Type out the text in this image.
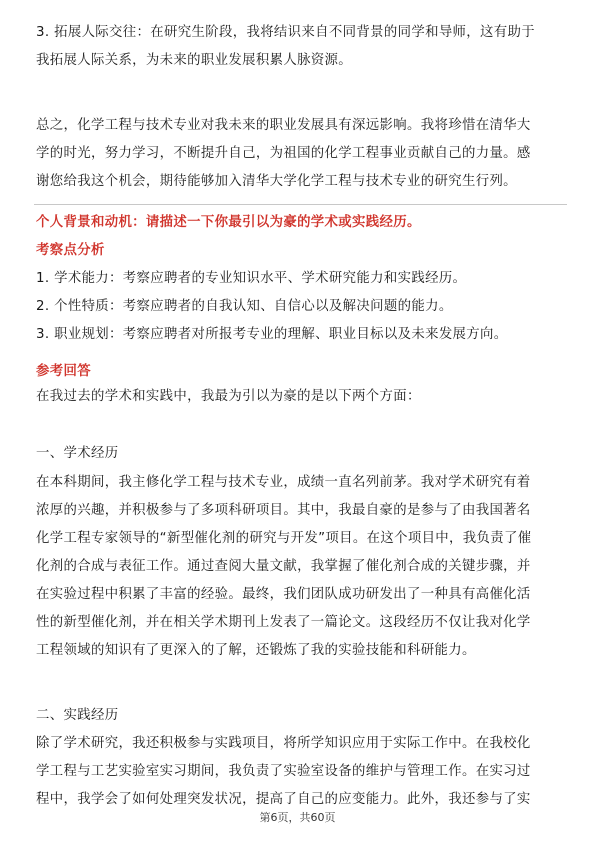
3. 拓展人际交往：在研究生阶段，我将结识来自不同背景的同学和导师，这有助于
我拓展人际关系，为未来的职业发展积累人脉资源。
总之，化学工程与技术专业对我未来的职业发展具有深远影响。我将珍惜在清华大
学的时光，努力学习，不断提升自己，为祖国的化学工程事业贡献自己的力量。感
谢您给我这个机会，期待能够加入清华大学化学工程与技术专业的研究生行列。
个人背景和动机：请描述一下你最引以为豪的学术或实践经历。
考察点分析
1. 学术能力：考察应聘者的专业知识水平、学术研究能力和实践经历。
2. 个性特质：考察应聘者的自我认知、自信心以及解决问题的能力。
3. 职业规划：考察应聘者对所报考专业的理解、职业目标以及未来发展方向。
参考回答
在我过去的学术和实践中，我最为引以为豪的是以下两个方面：
一、学术经历
在本科期间，我主修化学工程与技术专业，成绩一直名列前茅。我对学术研究有着
浓厚的兴趣，并积极参与了多项科研项目。其中，我最自豪的是参与了由我国著名
化学工程专家领导的“新型催化剂的研究与开发”项目。在这个项目中，我负责了催
化剂的合成与表征工作。通过查阅大量文献，我掌握了催化剂合成的关键步骤，并
在实验过程中积累了丰富的经验。最终，我们团队成功研发出了一种具有高催化活
性的新型催化剂，并在相关学术期刊上发表了一篇论文。这段经历不仅让我对化学
工程领域的知识有了更深入的了解，还锻炼了我的实验技能和科研能力。
二、实践经历
除了学术研究，我还积极参与实践项目，将所学知识应用于实际工作中。在我校化
学工程与工艺实验室实习期间，我负责了实验室设备的维护与管理工作。在实习过
程中，我学会了如何处理突发状况，提高了自己的应变能力。此外，我还参与了实
第6页，共60页
